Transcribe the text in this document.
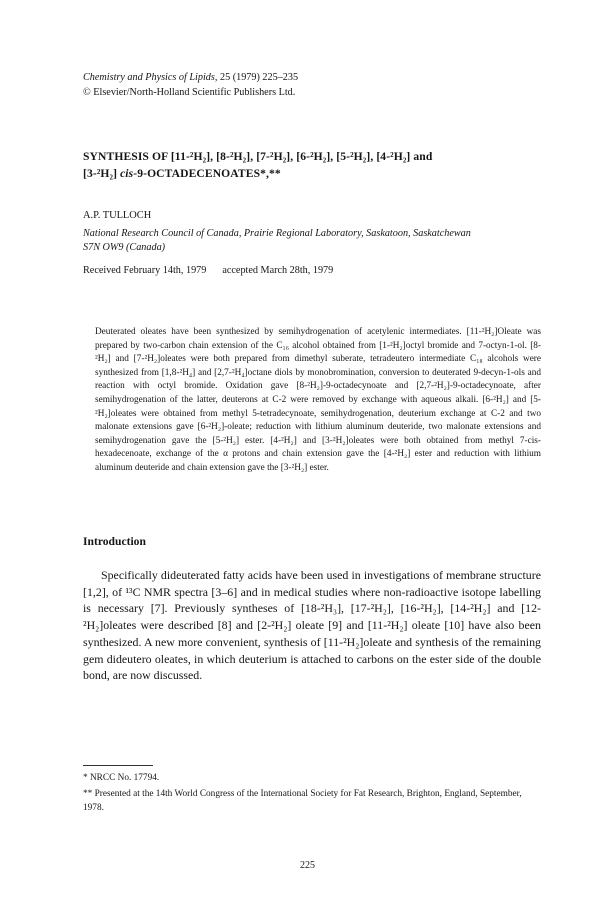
Chemistry and Physics of Lipids, 25 (1979) 225–235
© Elsevier/North-Holland Scientific Publishers Ltd.
SYNTHESIS OF [11-²H₂], [8-²H₂], [7-²H₂], [6-²H₂], [5-²H₂], [4-²H₂] and
[3-²H₂] cis-9-OCTADECENOATES*,**
A.P. TULLOCH
National Research Council of Canada, Prairie Regional Laboratory, Saskatoon, Saskatchewan
S7N OW9 (Canada)
Received February 14th, 1979 accepted March 28th, 1979

Deuterated oleates have been synthesized by semihydrogenation of acetylenic intermediates. [11-²H₂]Oleate was prepared by two-carbon chain extension of the C₁₆ alcohol obtained from [1-²H₂]octyl bromide and 7-octyn-1-ol. [8-²H₂] and [7-²H₂]oleates were both prepared from dimethyl suberate, tetradeutero intermediate C₁₈ alcohols were synthesized from [1,8-²H₄] and [2,7-²H₄]octane diols by monobromination, conversion to deuterated 9-decyn-1-ols and reaction with octyl bromide. Oxidation gave [8-²H₂]-9-octadecynoate and [2,7-²H₂]-9-octadecynoate, after semihydrogenation of the latter, deuterons at C-2 were removed by exchange with aqueous alkali. [6-²H₂] and [5-²H₂]oleates were obtained from methyl 5-tetradecynoate, semihydrogenation, deuterium exchange at C-2 and two malonate extensions gave [6-²H₂]-oleate; reduction with lithium aluminum deuteride, two malonate extensions and semihydrogenation gave the [5-²H₂] ester. [4-²H₂] and [3-²H₂]oleates were both obtained from methyl 7-cis-hexadecenoate, exchange of the α protons and chain extension gave the [4-²H₂] ester and reduction with lithium aluminum deuteride and chain extension gave the [3-²H₂] ester.

Introduction

Specifically dideuterated fatty acids have been used in investigations of membrane structure [1,2], of ¹³C NMR spectra [3–6] and in medical studies where non-radioactive isotope labelling is necessary [7]. Previously syntheses of [18-²H₃], [17-²H₂], [16-²H₂], [14-²H₂] and [12-²H₂]oleates were described [8] and [2-²H₂] oleate [9] and [11-²H₂] oleate [10] have also been synthesized. A new more convenient, synthesis of [11-²H₂]oleate and synthesis of the remaining gem dideutero oleates, in which deuterium is attached to carbons on the ester side of the double bond, are now discussed.

* NRCC No. 17794.

** Presented at the 14th World Congress of the International Society for Fat Research, Brighton, England, September, 1978.

225
